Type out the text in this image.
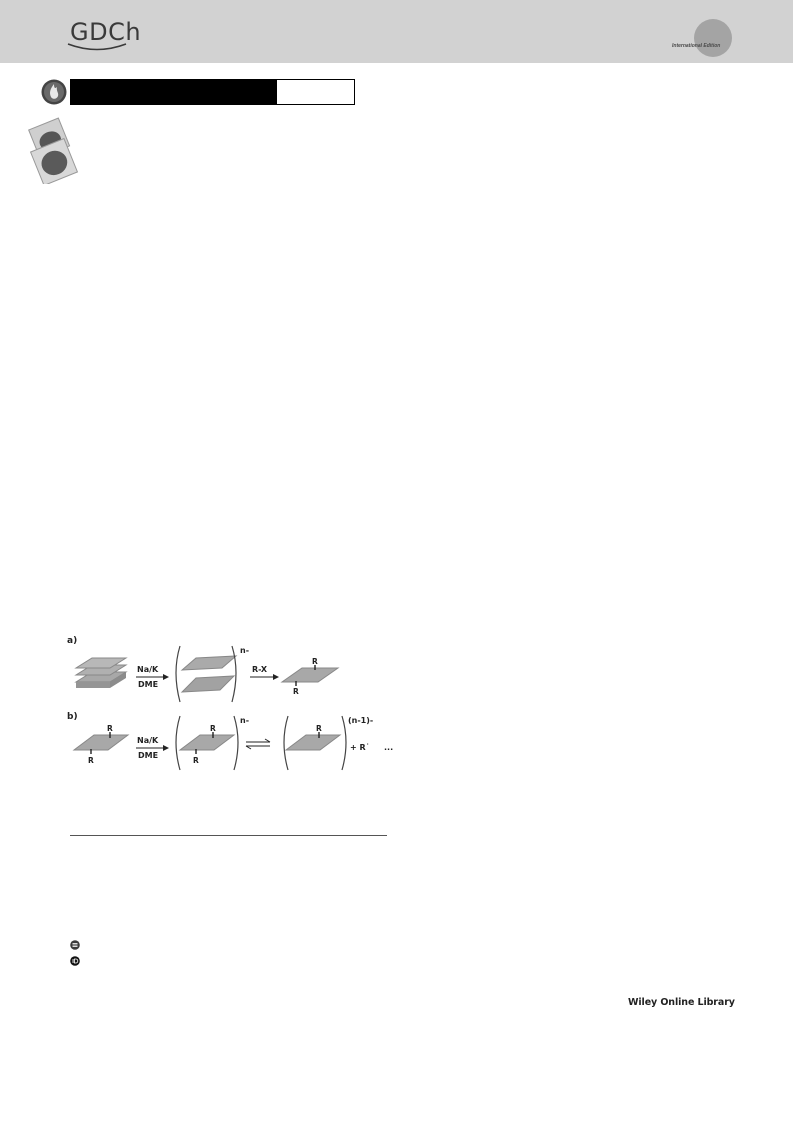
GDCh	International Edition
a)
Na/K
DME
n-
R-X
R
R
b)
R
R
Na/K
DME
R
R
n-
R
(n-1)-
+ R˙ ...
Wiley Online Library
